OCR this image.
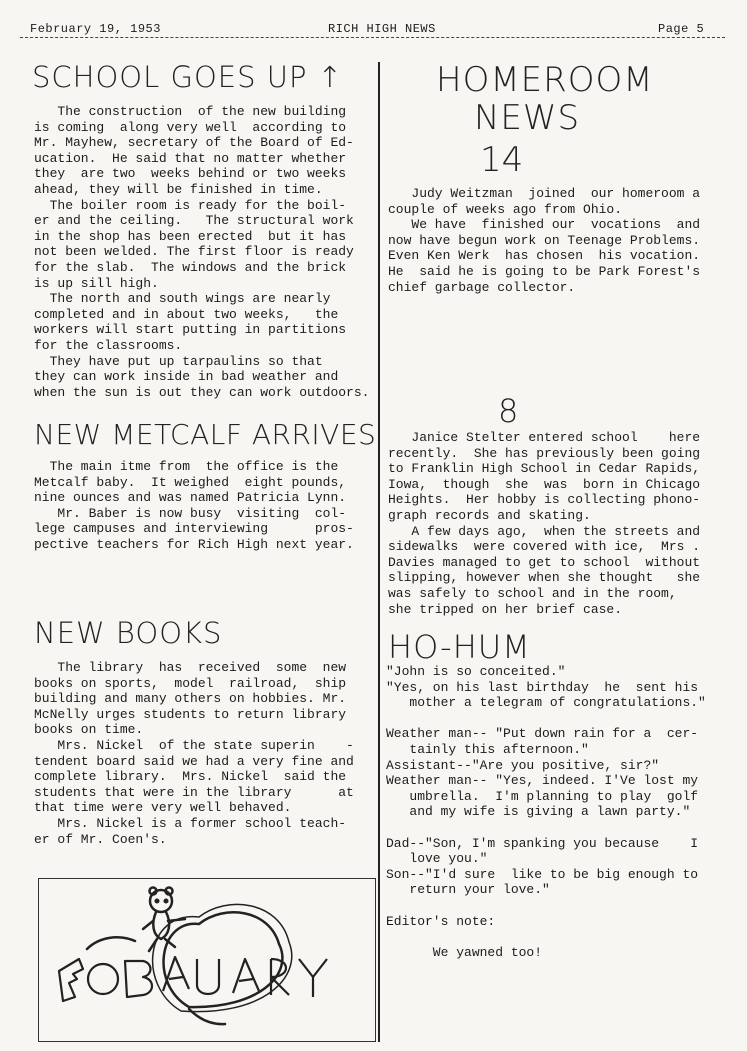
February 19, 1953	RICH HIGH NEWS	Page 5
SCHOOL GOES UP ↑
The construction  of the new building
is coming  along very well  according to
Mr. Mayhew, secretary of the Board of Ed-
ucation.  He said that no matter whether
they  are two  weeks behind or two weeks
ahead, they will be finished in time.
The boiler room is ready for the boil-
er and the ceiling.   The structural work
in the shop has been erected  but it has
not been welded. The first floor is ready
for the slab.  The windows and the brick
is up sill high.
The north and south wings are nearly
completed and in about two weeks,   the
workers will start putting in partitions
for the classrooms.
They have put up tarpaulins so that
they can work inside in bad weather and
when the sun is out they can work outdoors.
NEW METCALF ARRIVES
The main itme from  the office is the
Metcalf baby.  It weighed  eight pounds,
nine ounces and was named Patricia Lynn.
Mr. Baber is now busy  visiting  col-
lege campuses and interviewing      pros-
pective teachers for Rich High next year.
NEW BOOKS
The library  has  received  some  new
books on sports,  model  railroad,  ship
building and many others on hobbies. Mr.
McNelly urges students to return library
books on time.
Mrs. Nickel  of the state superin    -
tendent board said we had a very fine and
complete library.  Mrs. Nickel  said the
students that were in the library      at
that time were very well behaved.
Mrs. Nickel is a former school teach-
er of Mr. Coen's.
HOMEROOM
NEWS
14
Judy Weitzman  joined  our homeroom a
couple of weeks ago from Ohio.
We have  finished our  vocations  and
now have begun work on Teenage Problems.
Even Ken Werk  has chosen  his vocation.
He  said he is going to be Park Forest's
chief garbage collector.
8
Janice Stelter entered school    here
recently.  She has previously been going
to Franklin High School in Cedar Rapids,
Iowa,  though  she  was  born in Chicago
Heights.  Her hobby is collecting phono-
graph records and skating.
A few days ago,  when the streets and
sidewalks  were covered with ice,  Mrs .
Davies managed to get to school  without
slipping, however when she thought   she
was safely to school and in the room,
she tripped on her brief case.
HO-HUM
"John is so conceited."
"Yes, on his last birthday  he  sent his
mother a telegram of congratulations."

Weather man-- "Put down rain for a  cer-
tainly this afternoon."
Assistant--"Are you positive, sir?"
Weather man-- "Yes, indeed. I'Ve lost my
umbrella.  I'm planning to play  golf
and my wife is giving a lawn party."

Dad--"Son, I'm spanking you because    I
love you."
Son--"I'd sure  like to be big enough to
return your love."

Editor's note:

We yawned too!
